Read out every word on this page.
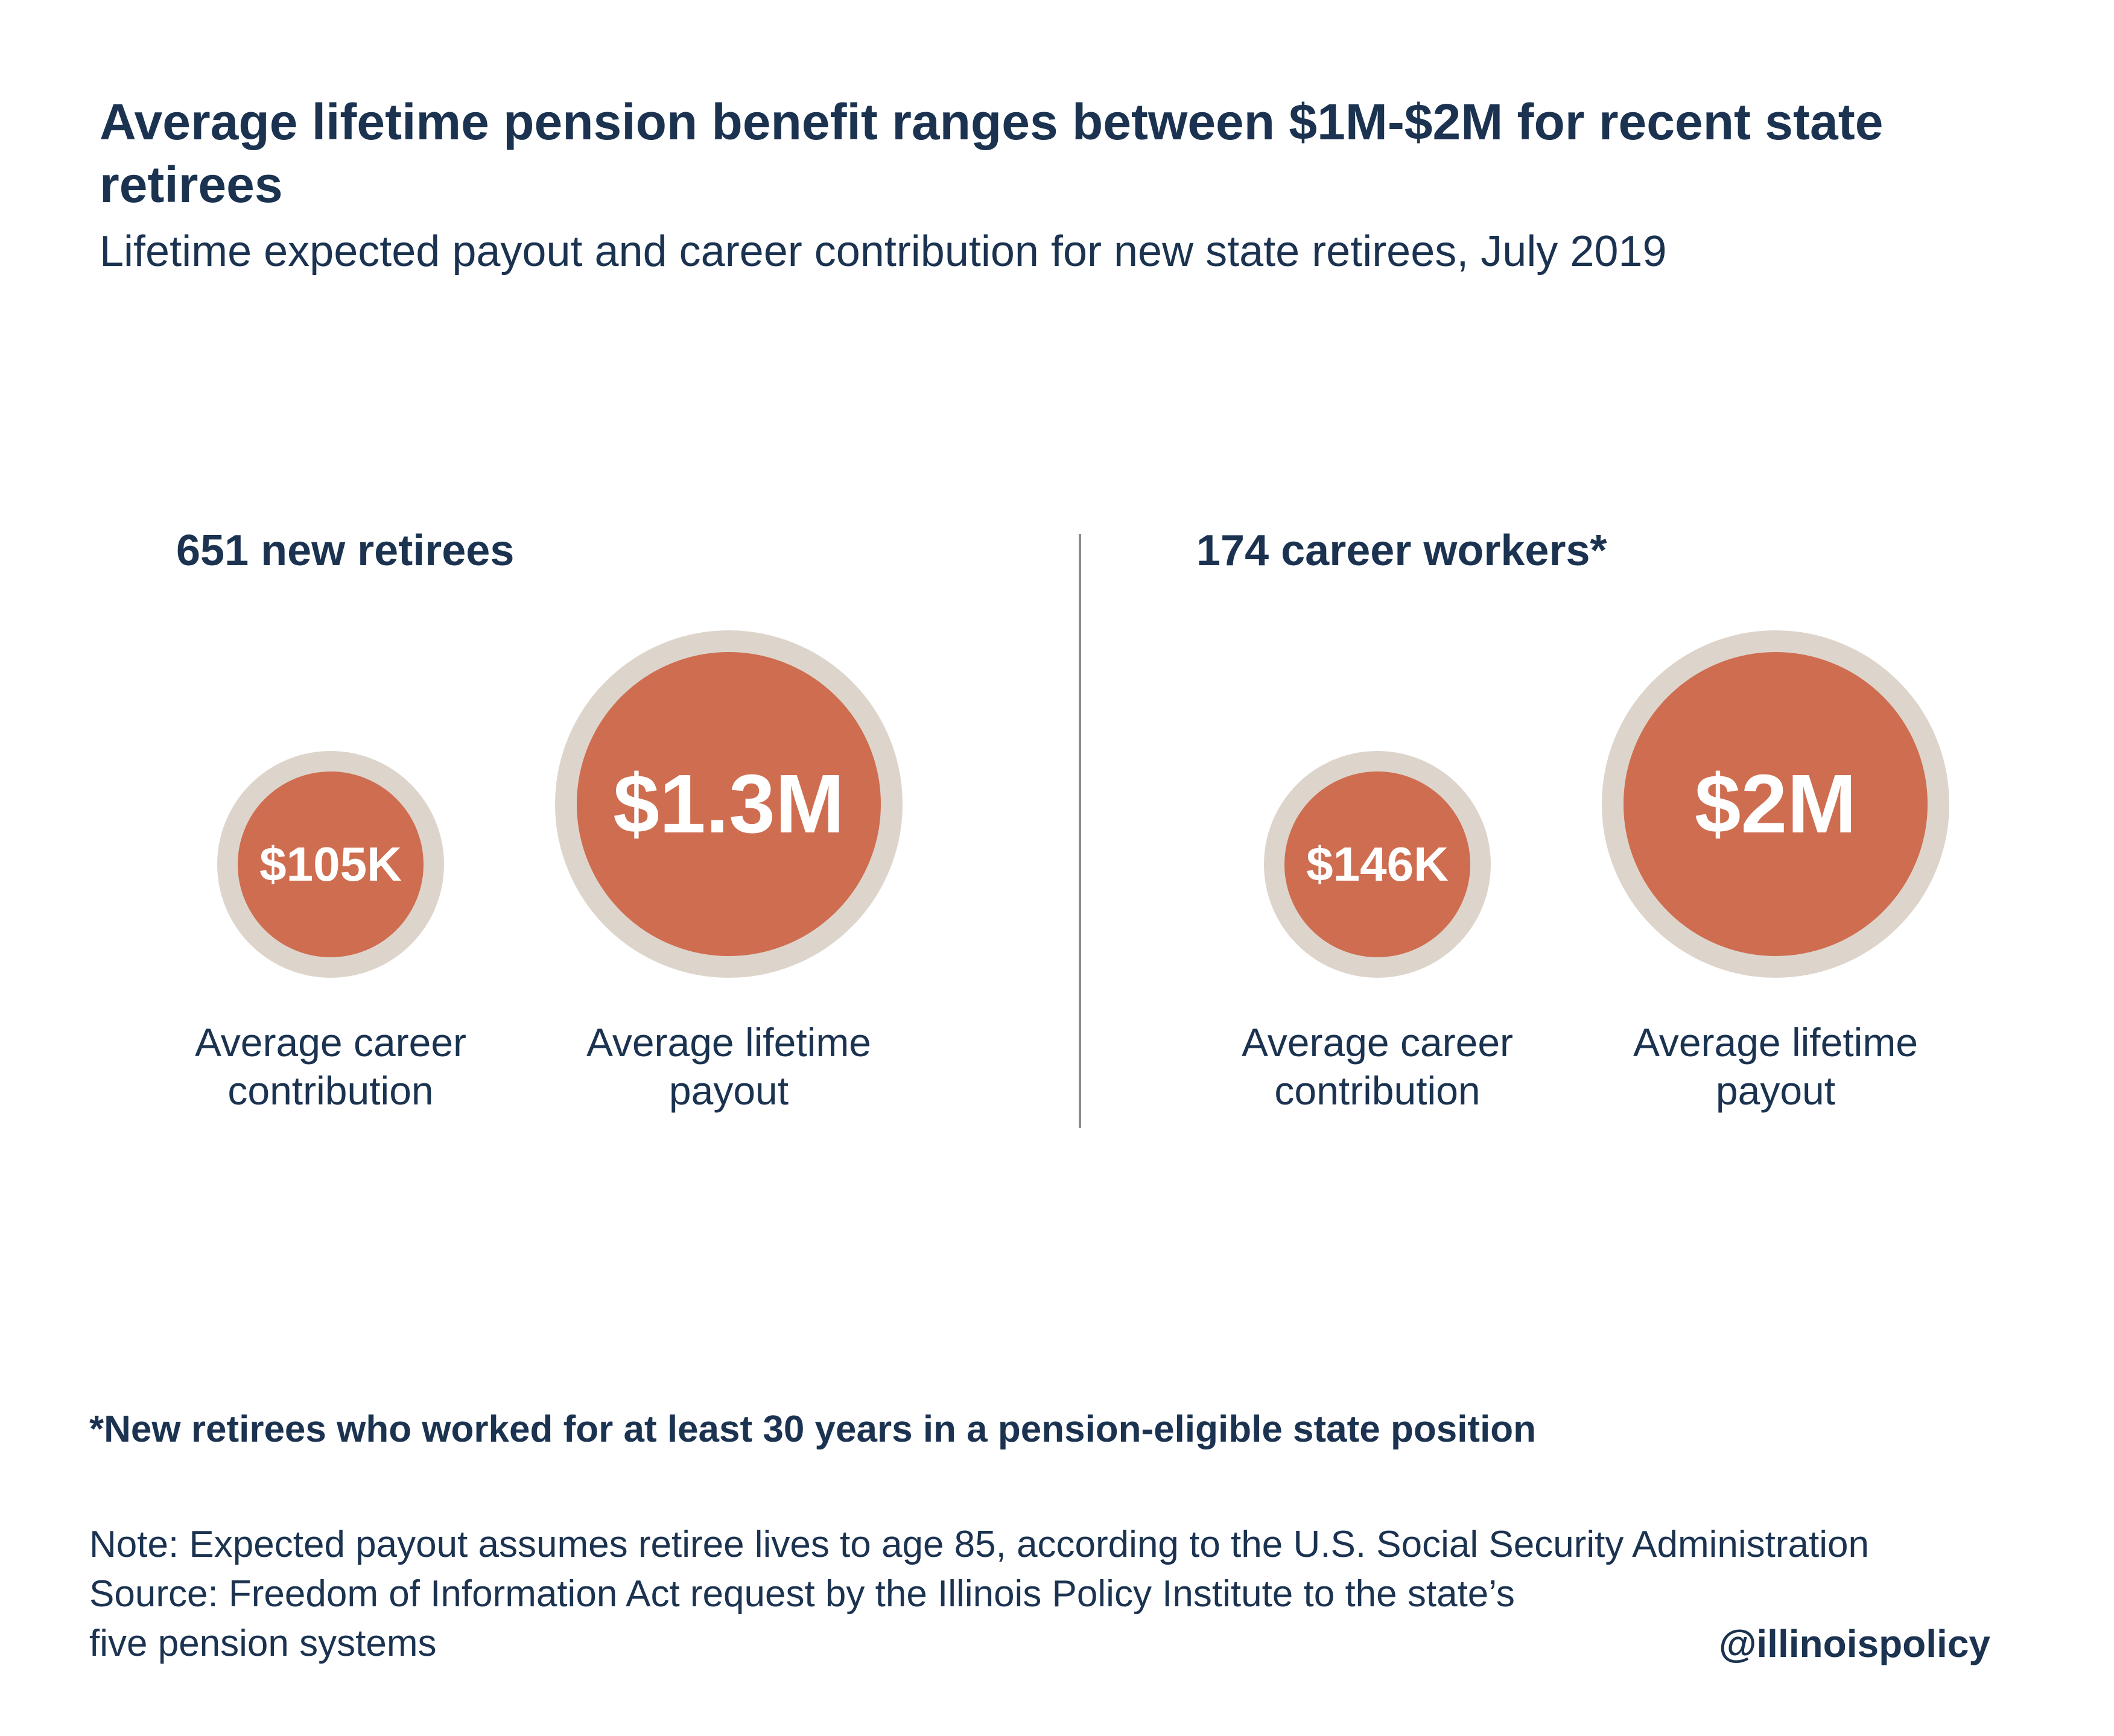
Average lifetime pension benefit ranges between $1M-$2M for recent state retirees
Lifetime expected payout and career contribution for new state retirees, July 2019
651 new retirees
$105K
$1.3M
Average career
contribution
Average lifetime
payout
174 career workers*
$146K
$2M
Average career
contribution
Average lifetime
payout
*New retirees who worked for at least 30 years in a pension-eligible state position
Note: Expected payout assumes retiree lives to age 85, according to the U.S. Social Security Administration
Source: Freedom of Information Act request by the Illinois Policy Institute to the state’s
five pension systems	@illinoispolicy
